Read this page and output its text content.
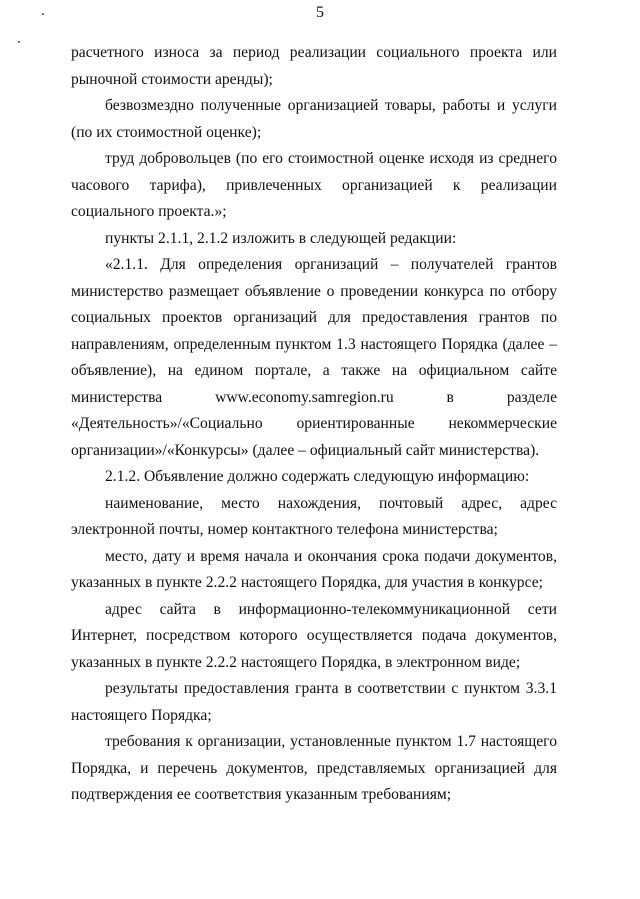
5

расчетного износа за период реализации социального проекта или рыночной стоимости аренды);

безвозмездно полученные организацией товары, работы и услуги (по их стоимостной оценке);

труд добровольцев (по его стоимостной оценке исходя из среднего часового тарифа), привлеченных организацией к реализации социального проекта.»;

пункты 2.1.1, 2.1.2 изложить в следующей редакции:

«2.1.1. Для определения организаций – получателей грантов министерство размещает объявление о проведении конкурса по отбору социальных проектов организаций для предоставления грантов по направлениям, определенным пунктом 1.3 настоящего Порядка (далее – объявление), на едином портале, а также на официальном сайте министерства www.economy.samregion.ru в разделе «Деятельность»/«Социально ориентированные некоммерческие организации»/«Конкурсы» (далее – официальный сайт министерства).

2.1.2. Объявление должно содержать следующую информацию:

наименование, место нахождения, почтовый адрес, адрес электронной почты, номер контактного телефона министерства;

место, дату и время начала и окончания срока подачи документов, указанных в пункте 2.2.2 настоящего Порядка, для участия в конкурсе;

адрес сайта в информационно-телекоммуникационной сети Интернет, посредством которого осуществляется подача документов, указанных в пункте 2.2.2 настоящего Порядка, в электронном виде;

результаты предоставления гранта в соответствии с пунктом 3.3.1 настоящего Порядка;

требования к организации, установленные пунктом 1.7 настоящего Порядка, и перечень документов, представляемых организацией для подтверждения ее соответствия указанным требованиям;
